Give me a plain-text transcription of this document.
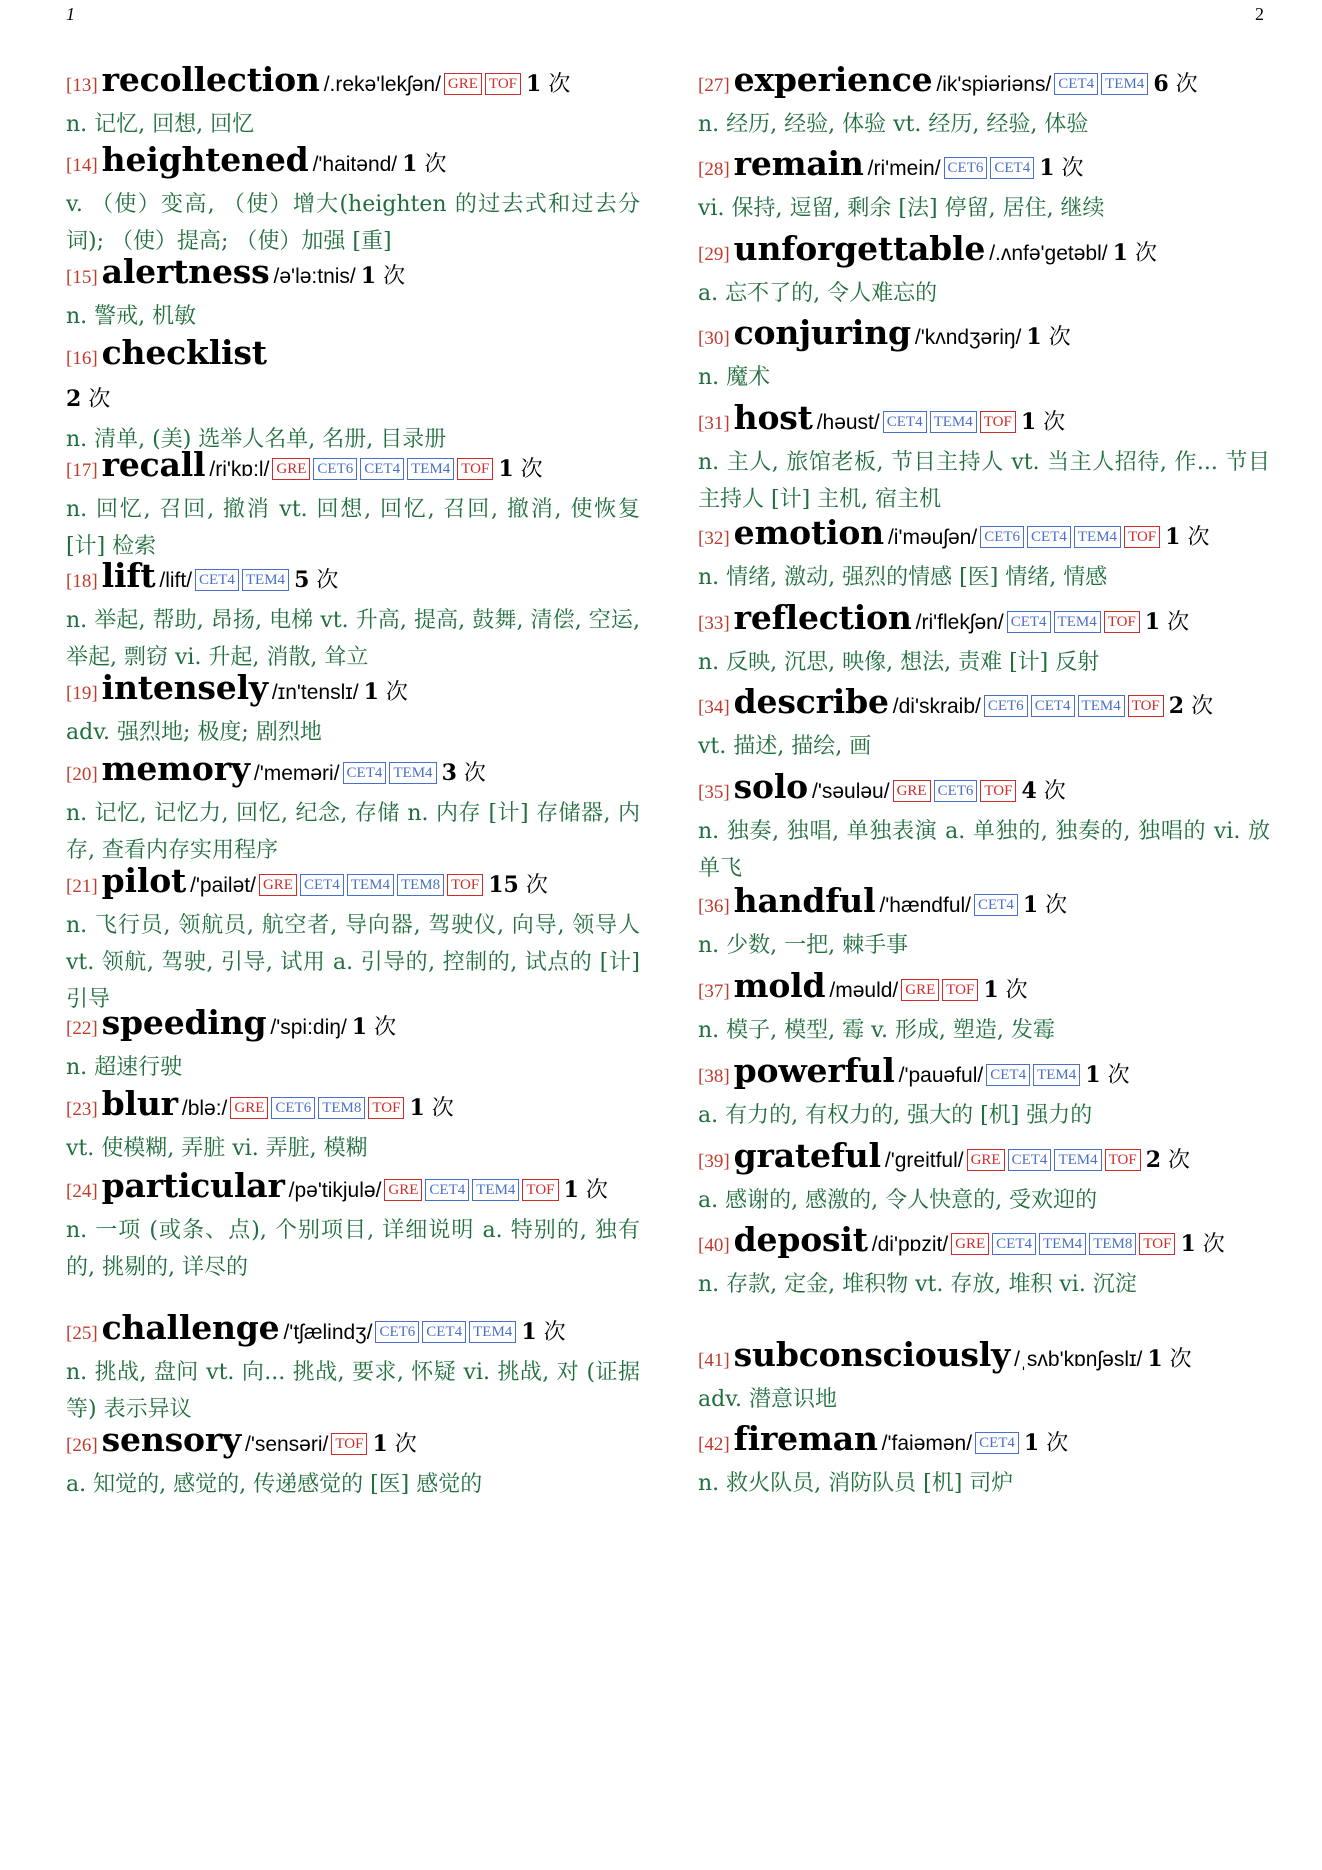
1	2
[13] recollection /.rekə'lekʃən/ GRE TOF 1 次
n. 记忆, 回想, 回忆
[14] heightened /'haitənd/ 1 次
v. （使）变高, （使）增大(heighten 的过去式和过去分词); （使）提高; （使）加强 [重]
[15] alertness /ə'lə:tnis/ 1 次
n. 警戒, 机敏
[16] checklist
2 次
n. 清单, (美) 选举人名单, 名册, 目录册
[17] recall /ri'kɒ:l/ GRE CET6 CET4 TEM4 TOF 1 次
n. 回忆, 召回, 撤消 vt. 回想, 回忆, 召回, 撤消, 使恢复 [计] 检索
[18] lift /lift/ CET4 TEM4 5 次
n. 举起, 帮助, 昂扬, 电梯 vt. 升高, 提高, 鼓舞, 清偿, 空运, 举起, 剽窃 vi. 升起, 消散, 耸立
[19] intensely /ɪn'tenslɪ/ 1 次
adv. 强烈地; 极度; 剧烈地
[20] memory /'meməri/ CET4 TEM4 3 次
n. 记忆, 记忆力, 回忆, 纪念, 存储 n. 内存 [计] 存储器, 内存, 查看内存实用程序
[21] pilot /'pailət/ GRE CET4 TEM4 TEM8 TOF 15 次
n. 飞行员, 领航员, 航空者, 导向器, 驾驶仪, 向导, 领导人 vt. 领航, 驾驶, 引导, 试用 a. 引导的, 控制的, 试点的 [计] 引导
[22] speeding /'spi:diŋ/ 1 次
n. 超速行驶
[23] blur /blə:/ GRE CET6 TEM8 TOF 1 次
vt. 使模糊, 弄脏 vi. 弄脏, 模糊
[24] particular /pə'tikjulə/ GRE CET4 TEM4 TOF 1 次
n. 一项 (或条、点), 个别项目, 详细说明 a. 特别的, 独有的, 挑剔的, 详尽的
[25] challenge /'tʃælindʒ/ CET6 CET4 TEM4 1 次
n. 挑战, 盘问 vt. 向... 挑战, 要求, 怀疑 vi. 挑战, 对 (证据等) 表示异议
[26] sensory /'sensəri/ TOF 1 次
a. 知觉的, 感觉的, 传递感觉的 [医] 感觉的
[27] experience /ik'spiəriəns/ CET4 TEM4 6 次
n. 经历, 经验, 体验 vt. 经历, 经验, 体验
[28] remain /ri'mein/ CET6 CET4 1 次
vi. 保持, 逗留, 剩余 [法] 停留, 居住, 继续
[29] unforgettable /.ʌnfə'getəbl/ 1 次
a. 忘不了的, 令人难忘的
[30] conjuring /'kʌndʒəriŋ/ 1 次
n. 魔术
[31] host /həust/ CET4 TEM4 TOF 1 次
n. 主人, 旅馆老板, 节目主持人 vt. 当主人招待, 作... 节目主持人 [计] 主机, 宿主机
[32] emotion /i'məuʃən/ CET6 CET4 TEM4 TOF 1 次
n. 情绪, 激动, 强烈的情感 [医] 情绪, 情感
[33] reflection /ri'flekʃən/ CET4 TEM4 TOF 1 次
n. 反映, 沉思, 映像, 想法, 责难 [计] 反射
[34] describe /di'skraib/ CET6 CET4 TEM4 TOF 2 次
vt. 描述, 描绘, 画
[35] solo /'səuləu/ GRE CET6 TOF 4 次
n. 独奏, 独唱, 单独表演 a. 单独的, 独奏的, 独唱的 vi. 放单飞
[36] handful /'hændful/ CET4 1 次
n. 少数, 一把, 棘手事
[37] mold /məuld/ GRE TOF 1 次
n. 模子, 模型, 霉 v. 形成, 塑造, 发霉
[38] powerful /'pauəful/ CET4 TEM4 1 次
a. 有力的, 有权力的, 强大的 [机] 强力的
[39] grateful /'greitful/ GRE CET4 TEM4 TOF 2 次
a. 感谢的, 感激的, 令人快意的, 受欢迎的
[40] deposit /di'pɒzit/ GRE CET4 TEM4 TEM8 TOF 1 次
n. 存款, 定金, 堆积物 vt. 存放, 堆积 vi. 沉淀
[41] subconsciously /ˌsʌb'kɒnʃəslɪ/ 1 次
adv. 潜意识地
[42] fireman /'faiəmən/ CET4 1 次
n. 救火队员, 消防队员 [机] 司炉
